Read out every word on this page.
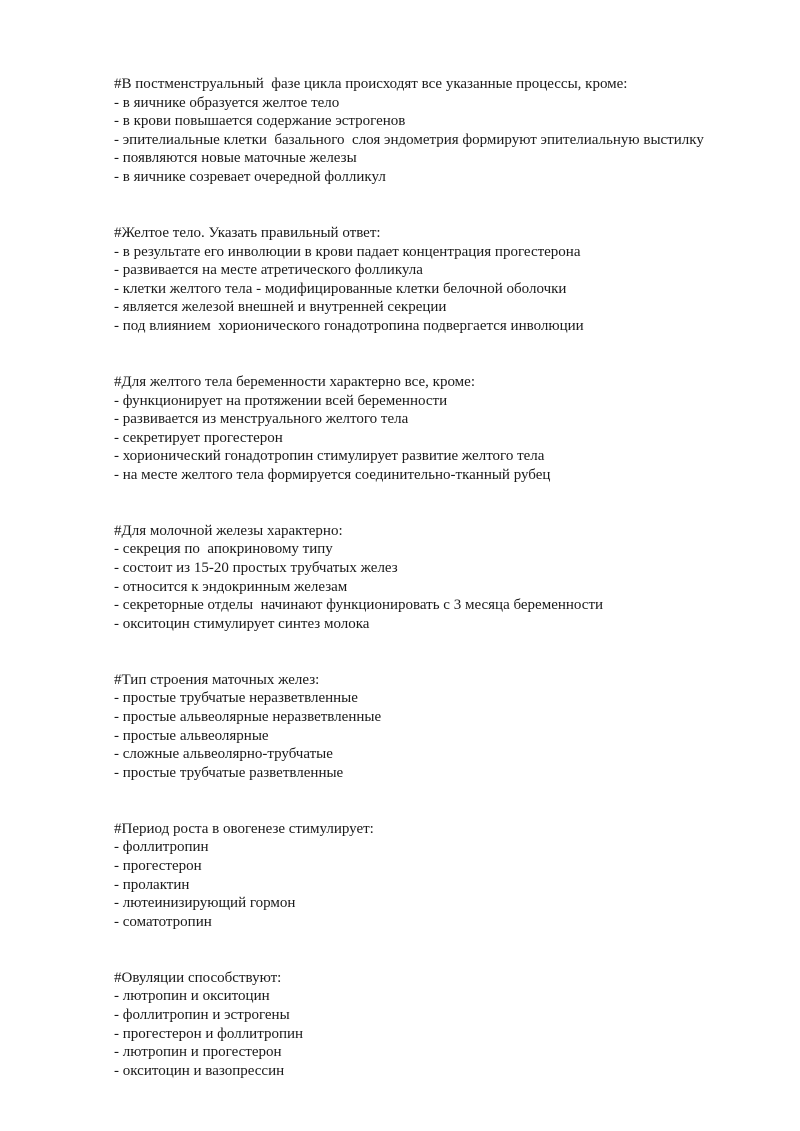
#В постменструальный  фазе цикла происходят все указанные процессы, кроме:

- в яичнике образуется желтое тело

- в крови повышается содержание эстрогенов

- эпителиальные клетки  базального  слоя эндометрия формируют эпителиальную выстилку

- появляются новые маточные железы

- в яичнике созревает очередной фолликул

#Желтое тело. Указать правильный ответ:

- в результате его инволюции в крови падает концентрация прогестерона

- развивается на месте атретического фолликула

- клетки желтого тела - модифицированные клетки белочной оболочки

- является железой внешней и внутренней секреции

- под влиянием  хорионического гонадотропина подвергается инволюции

#Для желтого тела беременности характерно все, кроме:

- функционирует на протяжении всей беременности

- развивается из менструального желтого тела

- секретирует прогестерон

- хорионический гонадотропин стимулирует развитие желтого тела

- на месте желтого тела формируется соединительно-тканный рубец

#Для молочной железы характерно:

- секреция по  апокриновому типу

- состоит из 15-20 простых трубчатых желез

- относится к эндокринным железам

- секреторные отделы  начинают функционировать с 3 месяца беременности

- окситоцин стимулирует синтез молока

#Тип строения маточных желез:

- простые трубчатые неразветвленные

- простые альвеолярные неразветвленные

- простые альвеолярные

- сложные альвеолярно-трубчатые

- простые трубчатые разветвленные

#Период роста в овогенезе стимулирует:

- фоллитропин

- прогестерон

- пролактин

- лютеинизирующий гормон

- соматотропин

#Овуляции способствуют:

- лютропин и окситоцин

- фоллитропин и эстрогены

- прогестерон и фоллитропин

- лютропин и прогестерон

- окситоцин и вазопрессин
